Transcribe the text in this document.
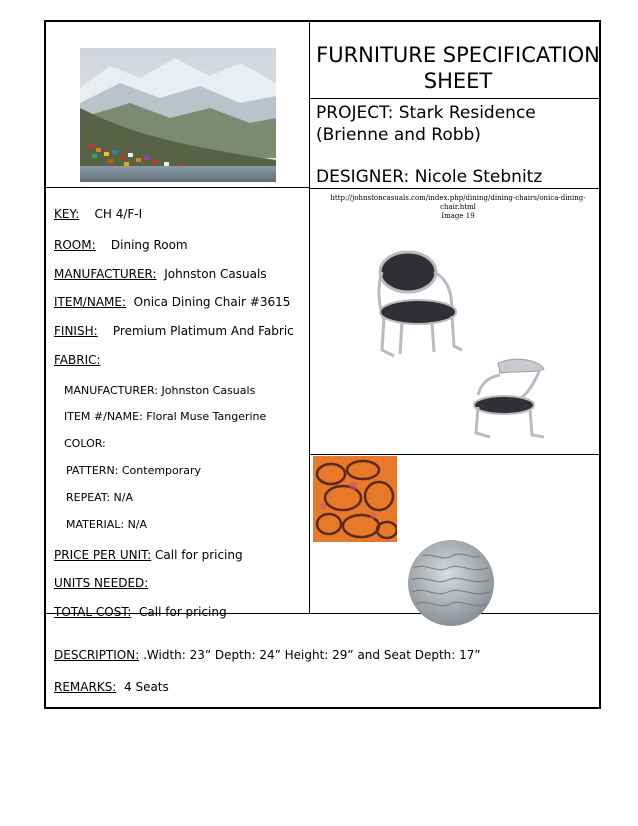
FURNITURE SPECIFICATION SHEET
PROJECT: Stark Residence (Brienne and Robb)
DESIGNER: Nicole Stebnitz
http://johnstoncasuals.com/index.php/dining/dining-chairs/onica-dining-chair.html
Image 19
KEY: CH 4/F-I
ROOM: Dining Room
MANUFACTURER: Johnston Casuals
ITEM/NAME: Onica Dining Chair #3615
FINISH: Premium Platimum And Fabric
FABRIC:
MANUFACTURER: Johnston Casuals
ITEM #/NAME: Floral Muse Tangerine
COLOR:
PATTERN: Contemporary
REPEAT: N/A
MATERIAL: N/A
PRICE PER UNIT: Call for pricing
UNITS NEEDED:
TOTAL COST: Call for pricing
DESCRIPTION: .Width: 23” Depth: 24” Height: 29” and Seat Depth: 17”
REMARKS: 4 Seats
